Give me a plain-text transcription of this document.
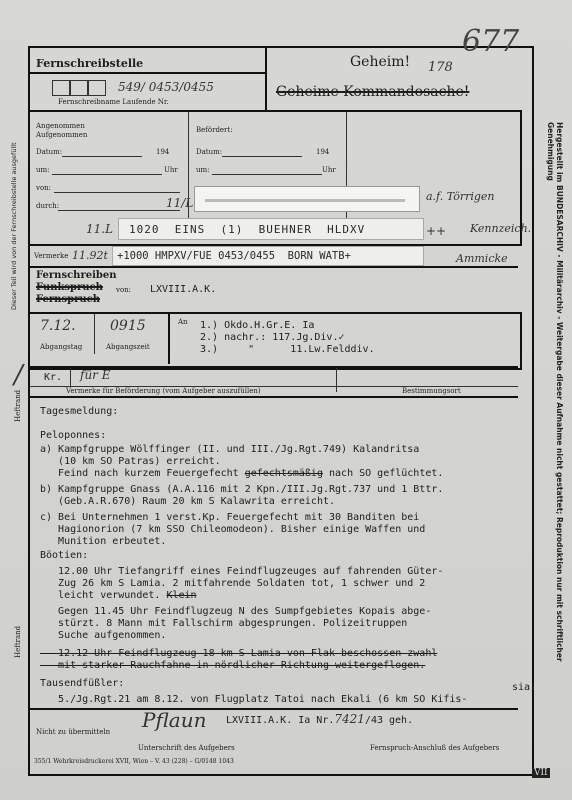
Dieser Teil wird von der Fernschreibstelle ausgefüllt
Heftrand
Heftrand	Hergestellt im BUNDESARCHIV - Militärarchiv - Weitergabe dieser Aufnahme nicht gestattet; Reproduktion nur mit schriftlicher Genehmigung
Fernschreibstelle
549/ 0453/0455
Fernschreibname Laufende Nr.
Geheim! 178
677
Geheime Kommandosache!
Angenommen
Aufgenommen
Datum:	194
um:	Uhr
von:
durch:
Befördert:
Datum:	194
um:	Uhr
11/L	a.f. Törrigen
11.L 1020  EINS  (1)  BUEHNER  HLDXV	++ Kennzeich.
Vermerke 11.92t +1000 HMPXV/FUE 0453/0455  BORN WATB+	Ammicke
Fernschreiben
Funkspruch
Fernspruch
von: LXVIII.A.K.
7.12. 0915
Abgangstag	Abgangszeit
An 1.) Okdo.H.Gr.E. Ia
2.) nachr.: 117.Jg.Div.✓
3.)     "      11.Lw.Felddiv.
/ Kr. für E
Vermerke für Beförderung (vom Aufgeber auszufüllen)	Bestimmungsort
Tagesmeldung:
Peloponnes:
a) Kampfgruppe Wölffinger (II. und III./Jg.Rgt.749) Kalandritsa
(10 km SO Patras) erreicht.
Feind nach kurzem Feuergefecht gefechtsmäßig nach SO geflüchtet.
b) Kampfgruppe Gnass (A.A.116 mit 2 Kpn./III.Jg.Rgt.737 und 1 Bttr.
(Geb.A.R.670) Raum 20 km S Kalawrita erreicht.
c) Bei Unternehmen 1 verst.Kp. Feuergefecht mit 30 Banditen bei
Hagionorion (7 km SSO Chileomodeon). Bisher einige Waffen und
Munition erbeutet.
Böotien:
12.00 Uhr Tiefangriff eines Feindflugzeuges auf fahrenden Güter-
Zug 26 km S Lamia. 2 mitfahrende Soldaten tot, 1 schwer und 2
leicht verwundet. Klein
Gegen 11.45 Uhr Feindflugzeug N des Sumpfgebietes Kopais abge-
stürzt. 8 Mann mit Fallschirm abgesprungen. Polizeitruppen
Suche aufgenommen.
12.12 Uhr Feindflugzeug 18 km S Lamia von Flak beschossen zwahl
mit starker Rauchfahne in nördlicher Richtung weitergeflogen.
Tausendfüßler:
5./Jg.Rgt.21 am 8.12. von Flugplatz Tatoi nach Ekali (6 km SO Kifis-
sia)
Nicht zu übermitteln Pflaun LXVIII.A.K. Ia Nr.7421/43 geh.
Unterschrift des Aufgebers	Fernspruch-Anschluß des Aufgebers
355/1 Wehrkreisdruckerei XVII, Wien – V. 43 (228) – G/0148 1043
VII
